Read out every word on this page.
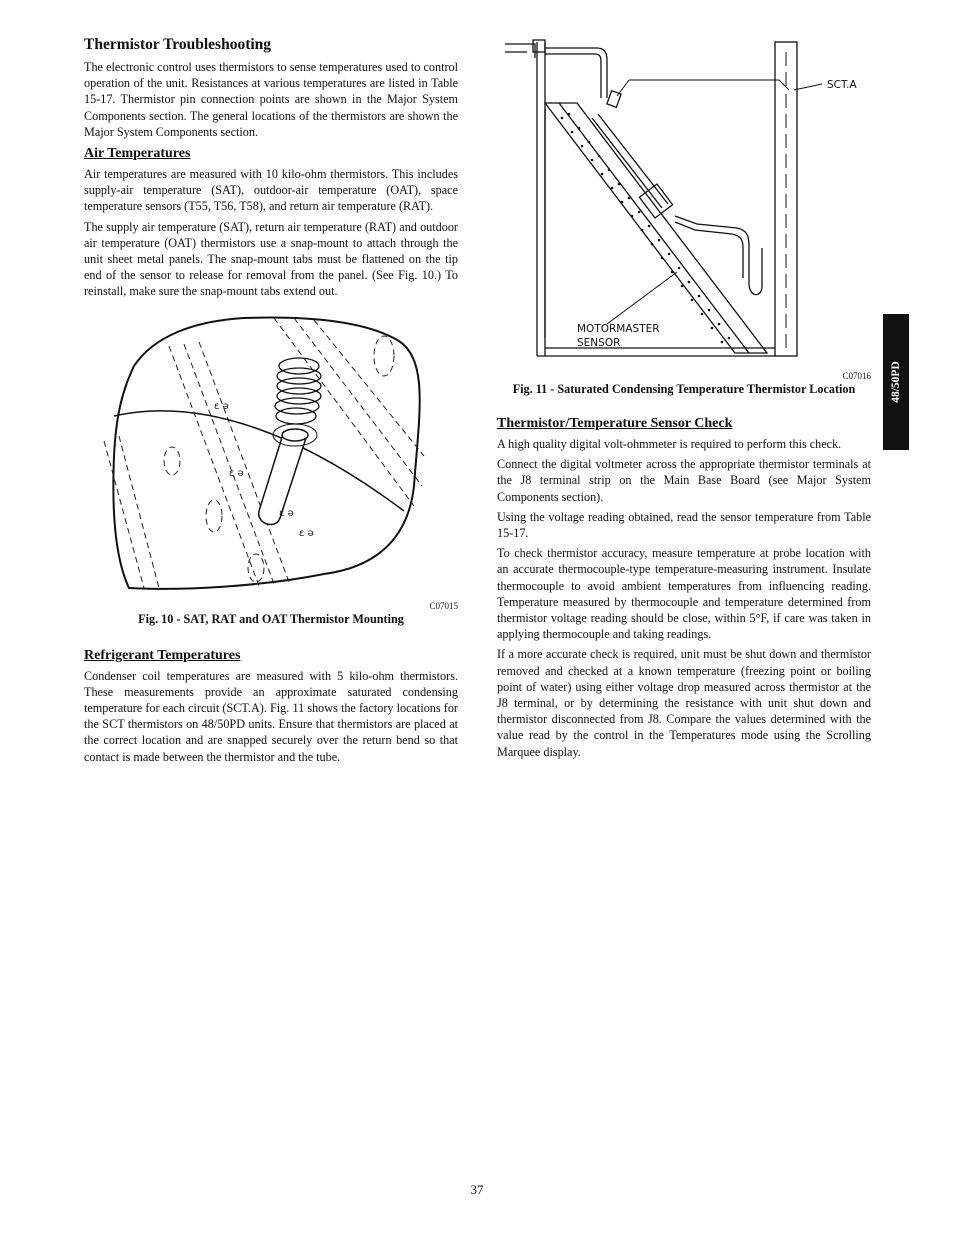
Thermistor Troubleshooting

The electronic control uses thermistors to sense temperatures used to control operation of the unit. Resistances at various temperatures are listed in Table 15-17. Thermistor pin connection points are shown in the Major System Components section. The general locations of the thermistors are shown the Major System Components section.

Air Temperatures

Air temperatures are measured with 10 kilo-ohm thermistors. This includes supply-air temperature (SAT), outdoor-air temperature (OAT), space temperature sensors (T55, T56, T58), and return air temperature (RAT).

The supply air temperature (SAT), return air temperature (RAT) and outdoor air temperature (OAT) thermistors use a snap-mount to attach through the unit sheet metal panels. The snap-mount tabs must be flattened on the tip end of the sensor to release for removal from the panel. (See Fig. 10.) To reinstall, make sure the snap-mount tabs extend out.

ɛ ə
ɛ ə
ɛ ə
ɛ ə
C07015
Fig. 10 - SAT, RAT and OAT Thermistor Mounting
Refrigerant Temperatures

Condenser coil temperatures are measured with 5 kilo-ohm thermistors. These measurements provide an approximate saturated condensing temperature for each circuit (SCT.A). Fig. 11 shows the factory locations for the SCT thermistors on 48/50PD units. Ensure that thermistors are placed at the correct location and are snapped securely over the return bend so that contact is made between the thermistor and the tube.

SCT.A
MOTORMASTER
SENSOR
C07016
Fig. 11 - Saturated Condensing Temperature Thermistor Location
Thermistor/Temperature Sensor Check

A high quality digital volt-ohmmeter is required to perform this check.

Connect the digital voltmeter across the appropriate thermistor terminals at the J8 terminal strip on the Main Base Board (see Major System Components section).

Using the voltage reading obtained, read the sensor temperature from Table 15-17.

To check thermistor accuracy, measure temperature at probe location with an accurate thermocouple-type temperature-measuring instrument. Insulate thermocouple to avoid ambient temperatures from influencing reading. Temperature measured by thermocouple and temperature determined from thermistor voltage reading should be close, within 5°F, if care was taken in applying thermocouple and taking readings.

If a more accurate check is required, unit must be shut down and thermistor removed and checked at a known temperature (freezing point or boiling point of water) using either voltage drop measured across thermistor at the J8 terminal, or by determining the resistance with unit shut down and thermistor disconnected from J8. Compare the values determined with the value read by the control in the Temperatures mode using the Scrolling Marquee display.

48/50PD
37
